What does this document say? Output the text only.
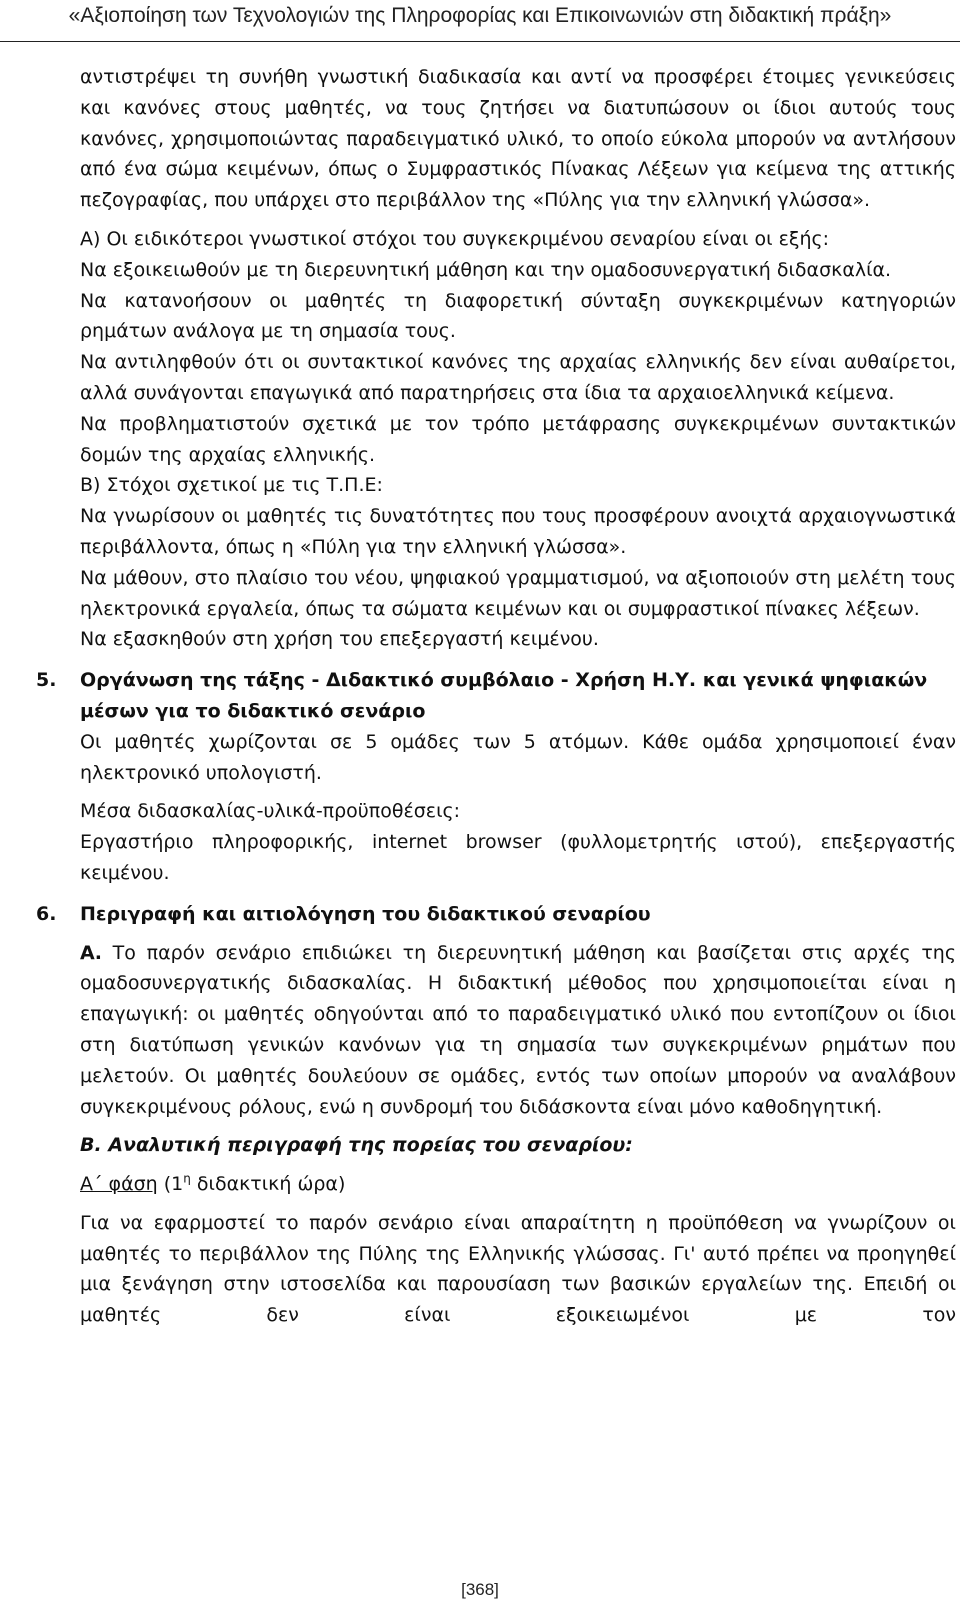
«Αξιοποίηση των Τεχνολογιών της Πληροφορίας και Επικοινωνιών στη διδακτική πράξη»

αντιστρέψει τη συνήθη γνωστική διαδικασία και αντί να προσφέρει έτοιμες γενικεύσεις και κανόνες στους μαθητές, να τους ζητήσει να διατυπώσουν οι ίδιοι αυτούς τους κανόνες, χρησιμοποιώντας παραδειγματικό υλικό, το οποίο εύκολα μπορούν να αντλήσουν από ένα σώμα κειμένων, όπως ο Συμφραστικός Πίνακας Λέξεων για κείμενα της αττικής πεζογραφίας, που υπάρχει στο περιβάλλον της «Πύλης για την ελληνική γλώσσα».

Α) Οι ειδικότεροι γνωστικοί στόχοι του συγκεκριμένου σεναρίου είναι οι εξής:

Να εξοικειωθούν με τη διερευνητική μάθηση και την ομαδοσυνεργατική διδασκαλία.

Να κατανοήσουν οι μαθητές τη διαφορετική σύνταξη συγκεκριμένων κατηγοριών ρημάτων ανάλογα με τη σημασία τους.

Να αντιληφθούν ότι οι συντακτικοί κανόνες της αρχαίας ελληνικής δεν είναι αυθαίρετοι, αλλά συνάγονται επαγωγικά από παρατηρήσεις στα ίδια τα αρχαιοελληνικά κείμενα.

Να προβληματιστούν σχετικά με τον τρόπο μετάφρασης συγκεκριμένων συντακτικών δομών της αρχαίας ελληνικής.

Β) Στόχοι σχετικοί με τις Τ.Π.Ε:

Να γνωρίσουν οι μαθητές τις δυνατότητες που τους προσφέρουν ανοιχτά αρχαιογνωστικά περιβάλλοντα, όπως η «Πύλη για την ελληνική γλώσσα».

Να μάθουν, στο πλαίσιο του νέου, ψηφιακού γραμματισμού, να αξιοποιούν στη μελέτη τους ηλεκτρονικά εργαλεία, όπως τα σώματα κειμένων και οι συμφραστικοί πίνακες λέξεων.

Να εξασκηθούν στη χρήση του επεξεργαστή κειμένου.

5. Οργάνωση της τάξης - Διδακτικό συμβόλαιο - Χρήση Η.Υ. και γενικά ψηφιακών μέσων για το διδακτικό σενάριο

Οι μαθητές χωρίζονται σε 5 ομάδες των 5 ατόμων. Κάθε ομάδα χρησιμοποιεί έναν ηλεκτρονικό υπολογιστή.

Μέσα διδασκαλίας-υλικά-προϋποθέσεις:

Εργαστήριο πληροφορικής, internet browser (φυλλομετρητής ιστού), επεξεργαστής κειμένου.

6. Περιγραφή και αιτιολόγηση του διδακτικού σεναρίου

Α. Το παρόν σενάριο επιδιώκει τη διερευνητική μάθηση και βασίζεται στις αρχές της ομαδοσυνεργατικής διδασκαλίας. Η διδακτική μέθοδος που χρησιμοποιείται είναι η επαγωγική: οι μαθητές οδηγούνται από το παραδειγματικό υλικό που εντοπίζουν οι ίδιοι στη διατύπωση γενικών κανόνων για τη σημασία των συγκεκριμένων ρημάτων που μελετούν. Οι μαθητές δουλεύουν σε ομάδες, εντός των οποίων μπορούν να αναλάβουν συγκεκριμένους ρόλους, ενώ η συνδρομή του διδάσκοντα είναι μόνο καθοδηγητική.

Β. Αναλυτική περιγραφή της πορείας του σεναρίου:

Α΄ φάση ($1^\eta$ διδακτική ώρα)

Για να εφαρμοστεί το παρόν σενάριο είναι απαραίτητη η προϋπόθεση να γνωρίζουν οι μαθητές το περιβάλλον της Πύλης της Ελληνικής γλώσσας. Γι' αυτό πρέπει να προηγηθεί μια ξενάγηση στην ιστοσελίδα και παρουσίαση των βασικών εργαλείων της. Επειδή οι μαθητές δεν είναι εξοικειωμένοι με τον

[368]
